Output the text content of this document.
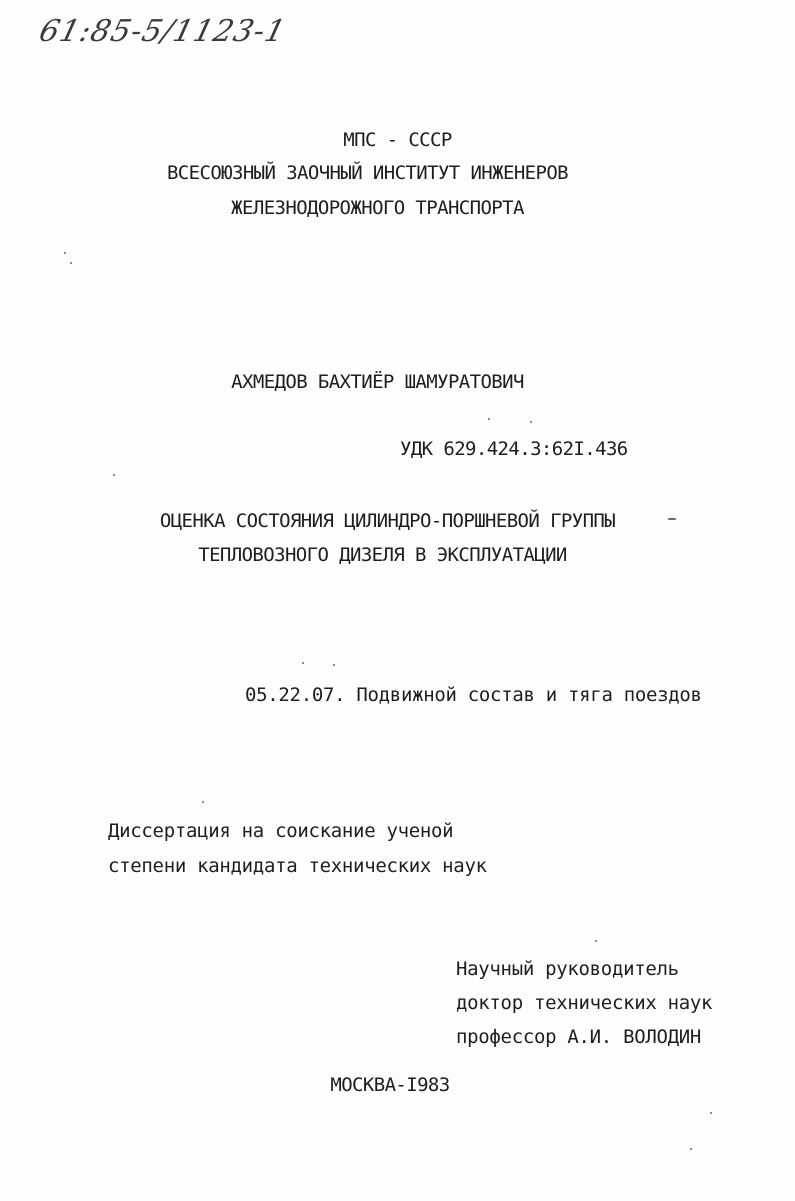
61:85-5/1123-1
МПС - СССР
ВСЕСОЮЗНЫЙ ЗАОЧНЫЙ ИНСТИТУТ ИНЖЕНЕРОВ
ЖЕЛЕЗНОДОРОЖНОГО ТРАНСПОРТА
АХМЕДОВ БАХТИЁР ШАМУРАТОВИЧ
УДК 629.424.3:62I.436
ОЦЕНКА СОСТОЯНИЯ ЦИЛИНДРО-ПОРШНЕВОЙ ГРУППЫ
ТЕПЛОВОЗНОГО ДИЗЕЛЯ В ЭКСПЛУАТАЦИИ
05.22.07. Подвижной состав и тяга поездов
Диссертация на соискание ученой
степени кандидата технических наук
Научный руководитель
доктор технических наук
профессор А.И. ВОЛОДИН
МОСКВА-I983
